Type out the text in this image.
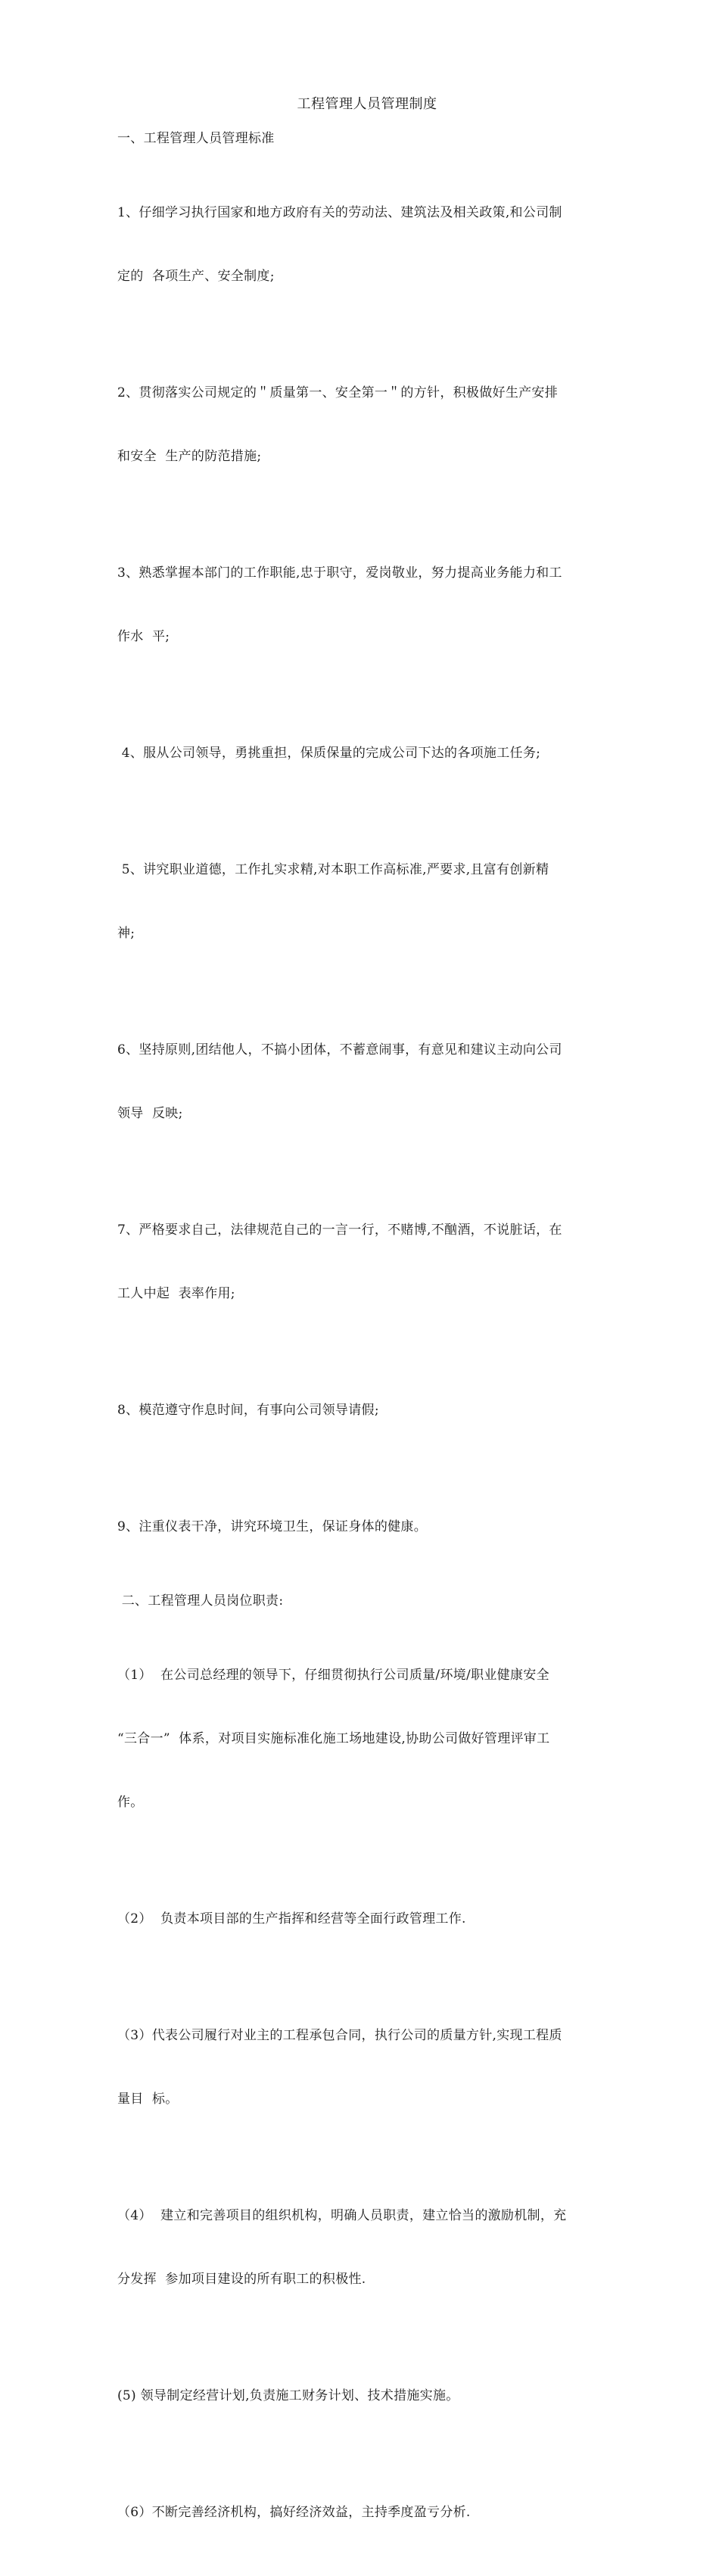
工程管理人员管理制度
一、工程管理人员管理标准

1、仔细学习执行国家和地方政府有关的劳动法、建筑法及相关政策,和公司制

定的  各项生产、安全制度;

2、贯彻落实公司规定的＂质量第一、安全第一＂的方针，积极做好生产安排

和安全  生产的防范措施;

3、熟悉掌握本部门的工作职能,忠于职守，爱岗敬业，努力提高业务能力和工

作水  平;

4、服从公司领导，勇挑重担，保质保量的完成公司下达的各项施工任务;

5、讲究职业道德，工作扎实求精,对本职工作高标准,严要求,且富有创新精

神;

6、坚持原则,团结他人，不搞小团体，不蓄意闹事，有意见和建议主动向公司

领导  反映;

7、严格要求自己，法律规范自己的一言一行，不赌博,不酗酒，不说脏话，在

工人中起  表率作用;

8、模范遵守作息时间，有事向公司领导请假;

9、注重仪表干净，讲究环境卫生，保证身体的健康。

二、工程管理人员岗位职责:

（1）  在公司总经理的领导下，仔细贯彻执行公司质量/环境/职业健康安全

“三合一”  体系，对项目实施标准化施工场地建设,协助公司做好管理评审工

作。

（2）  负责本项目部的生产指挥和经营等全面行政管理工作.

（3）代表公司履行对业主的工程承包合同，执行公司的质量方针,实现工程质

量目  标。

（4）  建立和完善项目的组织机构，明确人员职责，建立恰当的激励机制，充

分发挥  参加项目建设的所有职工的积极性.

(5) 领导制定经营计划,负责施工财务计划、技术措施实施。

（6）不断完善经济机构，搞好经济效益，主持季度盈亏分析.
